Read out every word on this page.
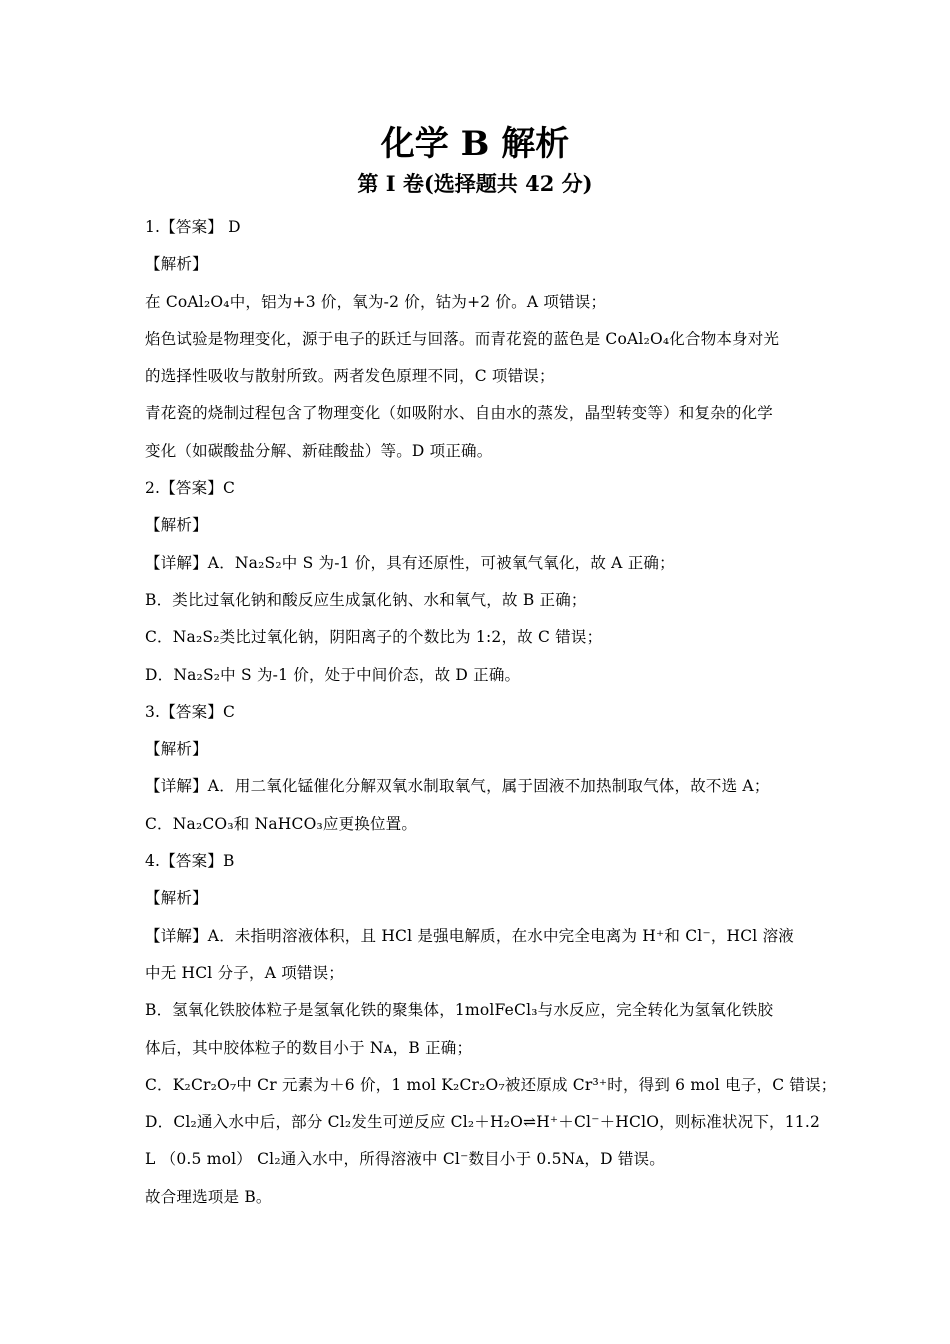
化学 B 解析
第 I 卷(选择题共 42 分)
1.【答案】 D
【解析】
在 CoAl₂O₄中，铝为+3 价，氧为-2 价，钴为+2 价。A 项错误；
焰色试验是物理变化，源于电子的跃迁与回落。而青花瓷的蓝色是 CoAl₂O₄化合物本身对光
的选择性吸收与散射所致。两者发色原理不同，C 项错误；
青花瓷的烧制过程包含了物理变化（如吸附水、自由水的蒸发，晶型转变等）和复杂的化学
变化（如碳酸盐分解、新硅酸盐）等。D 项正确。
2.【答案】C
【解析】
【详解】A．Na₂S₂中 S 为-1 价，具有还原性，可被氧气氧化，故 A 正确；
B．类比过氧化钠和酸反应生成氯化钠、水和氧气，故 B 正确；
C．Na₂S₂类比过氧化钠，阴阳离子的个数比为 1:2，故 C 错误；
D．Na₂S₂中 S 为-1 价，处于中间价态，故 D 正确。
3.【答案】C
【解析】
【详解】A．用二氧化锰催化分解双氧水制取氧气，属于固液不加热制取气体，故不选 A；
C．Na₂CO₃和 NaHCO₃应更换位置。
4.【答案】B
【解析】
【详解】A．未指明溶液体积，且 HCl 是强电解质，在水中完全电离为 H⁺和 Cl⁻，HCl 溶液
中无 HCl 分子，A 项错误；
B．氢氧化铁胶体粒子是氢氧化铁的聚集体，1molFeCl₃与水反应，完全转化为氢氧化铁胶
体后，其中胶体粒子的数目小于 Nᴀ，B 正确；
C．K₂Cr₂O₇中 Cr 元素为＋6 价，1 mol K₂Cr₂O₇被还原成 Cr³⁺时，得到 6 mol 电子，C 错误；
D．Cl₂通入水中后，部分 Cl₂发生可逆反应 Cl₂＋H₂O⇌H⁺＋Cl⁻＋HClO，则标准状况下，11.2
L （0.5 mol） Cl₂通入水中，所得溶液中 Cl⁻数目小于 0.5Nᴀ，D 错误。
故合理选项是 B。
